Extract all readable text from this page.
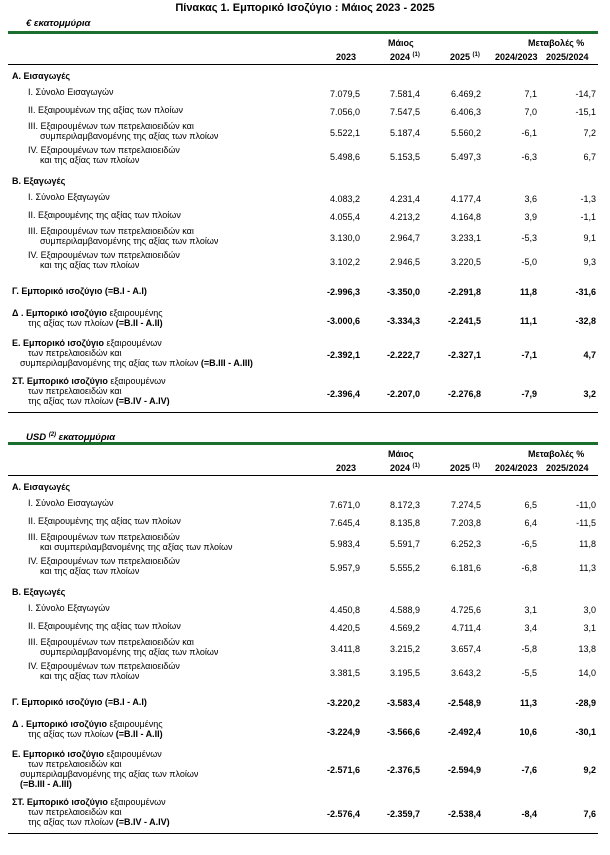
Πίνακας 1. Εμπορικό Ισοζύγιο : Μάιος 2023 - 2025
€ εκατομμύρια
Μάιος	Μεταβολές %
2023	2024 $^{(1)}$	2025 $^{(1)}$ 2024/2023 2025/2024
Α. Εισαγωγές
I. Σύνολο Εισαγωγών	7.079,5	7.581,4	6.469,2	7,1	-14,7
II. Εξαιρουμένων της αξίας των πλοίων	7.056,0	7.547,5	6.406,3	7,0	-15,1
III. Εξαιρουμένων των πετρελαιοειδών και
συμπεριλαμβανομένης της αξίας των πλοίων	5.522,1	5.187,4	5.560,2	-6,1	7,2
IV. Εξαιρουμένων των πετρελαιοειδών
και της αξίας των πλοίων	5.498,6	5.153,5	5.497,3	-6,3	6,7
Β. Εξαγωγές
I. Σύνολο Εξαγωγών	4.083,2	4.231,4	4.177,4	3,6	-1,3
II. Εξαιρουμένης της αξίας των πλοίων	4.055,4	4.213,2	4.164,8	3,9	-1,1
III. Εξαιρουμένων των πετρελαιοειδών και
συμπεριλαμβανομένης της αξίας των πλοίων	3.130,0	2.964,7	3.233,1	-5,3	9,1
IV. Εξαιρουμένων των πετρελαιοειδών
και της αξίας των πλοίων	3.102,2	2.946,5	3.220,5	-5,0	9,3
Γ. Εμπορικό ισοζύγιο (=B.I - A.I)	-2.996,3	-3.350,0	-2.291,8	11,8	-31,6
Δ . Εμπορικό ισοζύγιο εξαιρουμένης
της αξίας των πλοίων (=B.II - A.II)	-3.000,6	-3.334,3	-2.241,5	11,1	-32,8
Ε. Εμπορικό ισοζύγιο εξαιρουμένων
των πετρελαιοειδών και
συμπεριλαμβανομένης της αξίας των πλοίων (=B.III - A.III)
-2.392,1	-2.222,7	-2.327,1	-7,1	4,7
ΣΤ. Εμπορικό ισοζύγιο εξαιρουμένων
των πετρελαιοειδών και
της αξίας των πλοίων (=B.IV - A.IV)
-2.396,4	-2.207,0	-2.276,8	-7,9	3,2
USD $^{(2)}$ εκατομμύρια
Μάιος	Μεταβολές %
2023	2024 $^{(1)}$	2025 $^{(1)}$ 2024/2023 2025/2024
Α. Εισαγωγές
I. Σύνολο Εισαγωγών	7.671,0	8.172,3	7.274,5	6,5	-11,0
II. Εξαιρουμένης της αξίας των πλοίων	7.645,4	8.135,8	7.203,8	6,4	-11,5
III. Εξαιρουμένων των πετρελαιοειδών
και συμπεριλαμβανομένης της αξίας των πλοίων	5.983,4	5.591,7	6.252,3	-6,5	11,8
IV. Εξαιρουμένων των πετρελαιοειδών
και της αξίας των πλοίων	5.957,9	5.555,2	6.181,6	-6,8	11,3
Β. Εξαγωγές
I. Σύνολο Εξαγωγών	4.450,8	4.588,9	4.725,6	3,1	3,0
II. Εξαιρουμένης της αξίας των πλοίων	4.420,5	4.569,2	4.711,4	3,4	3,1
III. Εξαιρουμένων των πετρελαιοειδών και
συμπεριλαμβανομένης της αξίας των πλοίων	3.411,8	3.215,2	3.657,4	-5,8	13,8
IV. Εξαιρουμένων των πετρελαιοειδών
και της αξίας των πλοίων	3.381,5	3.195,5	3.643,2	-5,5	14,0
Γ. Εμπορικό ισοζύγιο (=B.I - A.I)	-3.220,2	-3.583,4	-2.548,9	11,3	-28,9
Δ . Εμπορικό ισοζύγιο εξαιρουμένης
της αξίας των πλοίων (=B.II - A.II)	-3.224,9	-3.566,6	-2.492,4	10,6	-30,1
Ε. Εμπορικό ισοζύγιο εξαιρουμένων
των πετρελαιοειδών και
συμπεριλαμβανομένης της αξίας των πλοίων
(=B.III - A.III)
-2.571,6	-2.376,5	-2.594,9	-7,6	9,2
ΣΤ. Εμπορικό ισοζύγιο εξαιρουμένων
των πετρελαιοειδών και
της αξίας των πλοίων (=B.IV - A.IV)
-2.576,4	-2.359,7	-2.538,4	-8,4	7,6
